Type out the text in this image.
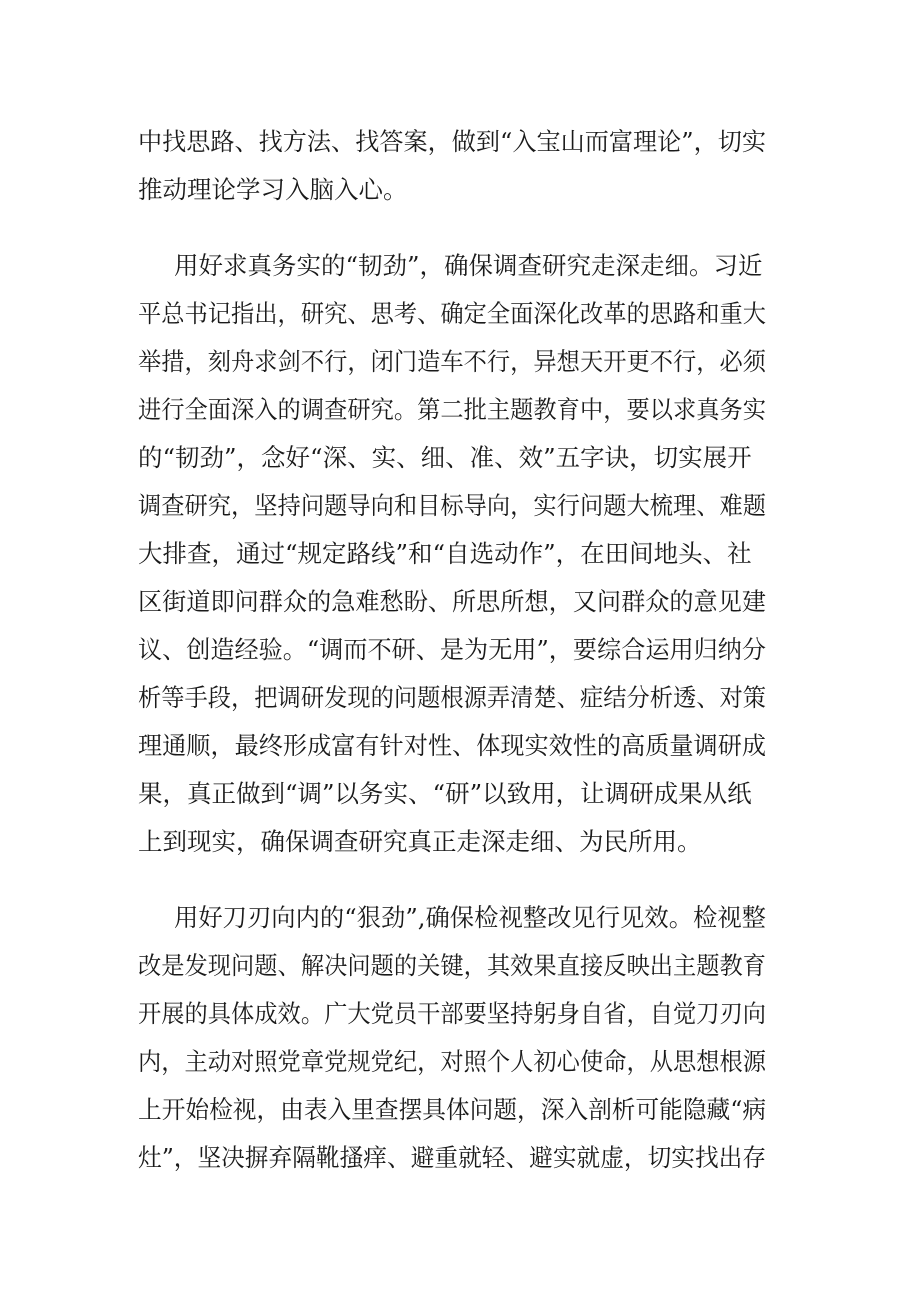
中找思路、找方法、找答案，做到“入宝山而富理论”，切实
推动理论学习入脑入心。
用好求真务实的“韧劲”，确保调查研究走深走细。习近
平总书记指出，研究、思考、确定全面深化改革的思路和重大
举措，刻舟求剑不行，闭门造车不行，异想天开更不行，必须
进行全面深入的调查研究。第二批主题教育中，要以求真务实
的“韧劲”，念好“深、实、细、准、效”五字诀，切实展开
调查研究，坚持问题导向和目标导向，实行问题大梳理、难题
大排查，通过“规定路线”和“自选动作”，在田间地头、社
区街道即问群众的急难愁盼、所思所想，又问群众的意见建
议、创造经验。“调而不研、是为无用”，要综合运用归纳分
析等手段，把调研发现的问题根源弄清楚、症结分析透、对策
理通顺，最终形成富有针对性、体现实效性的高质量调研成
果，真正做到“调”以务实、“研”以致用，让调研成果从纸
上到现实，确保调查研究真正走深走细、为民所用。
用好刀刃向内的“狠劲”,确保检视整改见行见效。检视整
改是发现问题、解决问题的关键，其效果直接反映出主题教育
开展的具体成效。广大党员干部要坚持躬身自省，自觉刀刃向
内，主动对照党章党规党纪，对照个人初心使命，从思想根源
上开始检视，由表入里查摆具体问题，深入剖析可能隐藏“病
灶”，坚决摒弃隔靴搔痒、避重就轻、避实就虚，切实找出存
